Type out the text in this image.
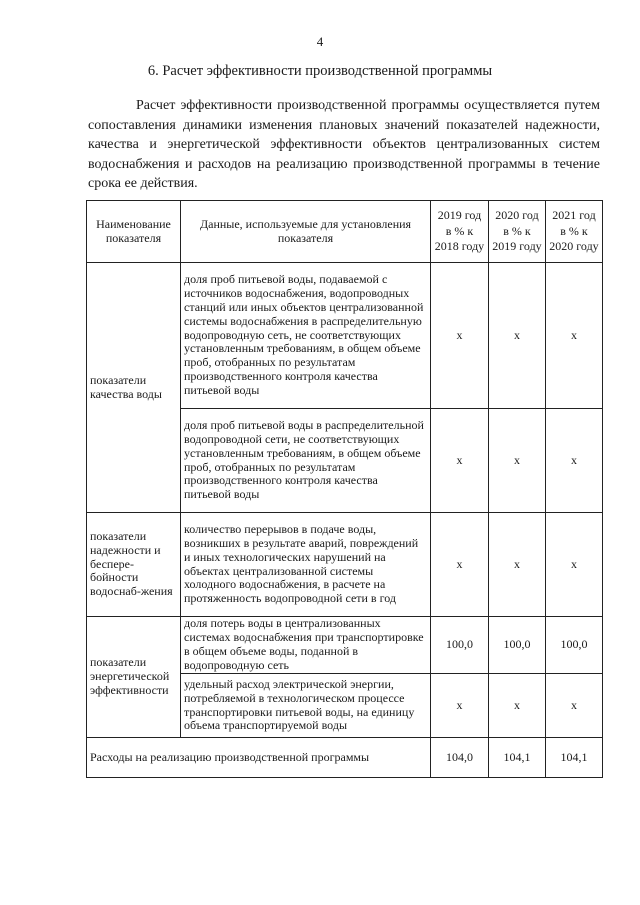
4
6. Расчет эффективности производственной программы

Расчет эффективности производственной программы осуществляется путем сопоставления динамики изменения плановых значений показателей надежности, качества и энергетической эффективности объектов централизованных систем водоснабжения и расходов на реализацию производственной программы в течение срока ее действия.

Наименование показателя	Данные, используемые для установления показателя	2019 год в % к 2018 году	2020 год в % к 2019 году	2021 год в % к 2020 году
показатели качества воды	доля проб питьевой воды, подаваемой с источников водоснабжения, водопроводных станций или иных объектов централизованной системы водоснабжения в распределительную водопроводную сеть, не соответствующих установленным требованиям, в общем объеме проб, отобранных по результатам производственного контроля качества питьевой воды	x	x	x
	доля проб питьевой воды в распределительной водопроводной сети, не соответствующих установленным требованиям, в общем объеме проб, отобранных по результатам производственного контроля качества питьевой воды	x	x	x
показатели надежности и беспере-бойности водоснаб-жения	количество перерывов в подаче воды, возникших в результате аварий, повреждений и иных технологических нарушений на объектах централизованной системы холодного водоснабжения, в расчете на протяженность водопроводной сети в год	x	x	x
показатели энергетической эффективности	доля потерь воды в централизованных системах водоснабжения при транспортировке в общем объеме воды, поданной в водопроводную сеть	100,0	100,0	100,0
	удельный расход электрической энергии, потребляемой в технологическом процессе транспортировки питьевой воды, на единицу объема транспортируемой воды	x	x	x
Расходы на реализацию производственной программы		104,0	104,1	104,1
